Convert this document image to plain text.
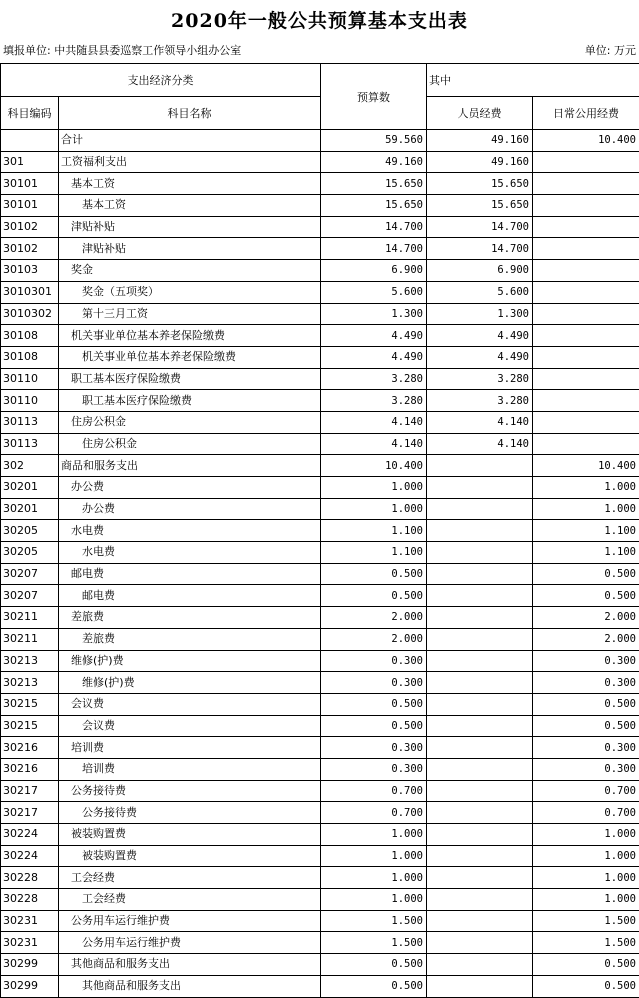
2020年一般公共预算基本支出表
填报单位: 中共随县县委巡察工作领导小组办公室	单位: 万元
支出经济分类		预算数	其中	
科目编码	科目名称		人员经费	日常公用经费
	合计	59.560	49.160	10.400
301	工资福利支出	49.160	49.160	
30101	基本工资	15.650	15.650	
30101	基本工资	15.650	15.650	
30102	津贴补贴	14.700	14.700	
30102	津贴补贴	14.700	14.700	
30103	奖金	6.900	6.900	
3010301	奖金（五项奖）	5.600	5.600	
3010302	第十三月工资	1.300	1.300	
30108	机关事业单位基本养老保险缴费	4.490	4.490	
30108	机关事业单位基本养老保险缴费	4.490	4.490	
30110	职工基本医疗保险缴费	3.280	3.280	
30110	职工基本医疗保险缴费	3.280	3.280	
30113	住房公积金	4.140	4.140	
30113	住房公积金	4.140	4.140	
302	商品和服务支出	10.400		10.400
30201	办公费	1.000		1.000
30201	办公费	1.000		1.000
30205	水电费	1.100		1.100
30205	水电费	1.100		1.100
30207	邮电费	0.500		0.500
30207	邮电费	0.500		0.500
30211	差旅费	2.000		2.000
30211	差旅费	2.000		2.000
30213	维修(护)费	0.300		0.300
30213	维修(护)费	0.300		0.300
30215	会议费	0.500		0.500
30215	会议费	0.500		0.500
30216	培训费	0.300		0.300
30216	培训费	0.300		0.300
30217	公务接待费	0.700		0.700
30217	公务接待费	0.700		0.700
30224	被装购置费	1.000		1.000
30224	被装购置费	1.000		1.000
30228	工会经费	1.000		1.000
30228	工会经费	1.000		1.000
30231	公务用车运行维护费	1.500		1.500
30231	公务用车运行维护费	1.500		1.500
30299	其他商品和服务支出	0.500		0.500
30299	其他商品和服务支出	0.500		0.500
